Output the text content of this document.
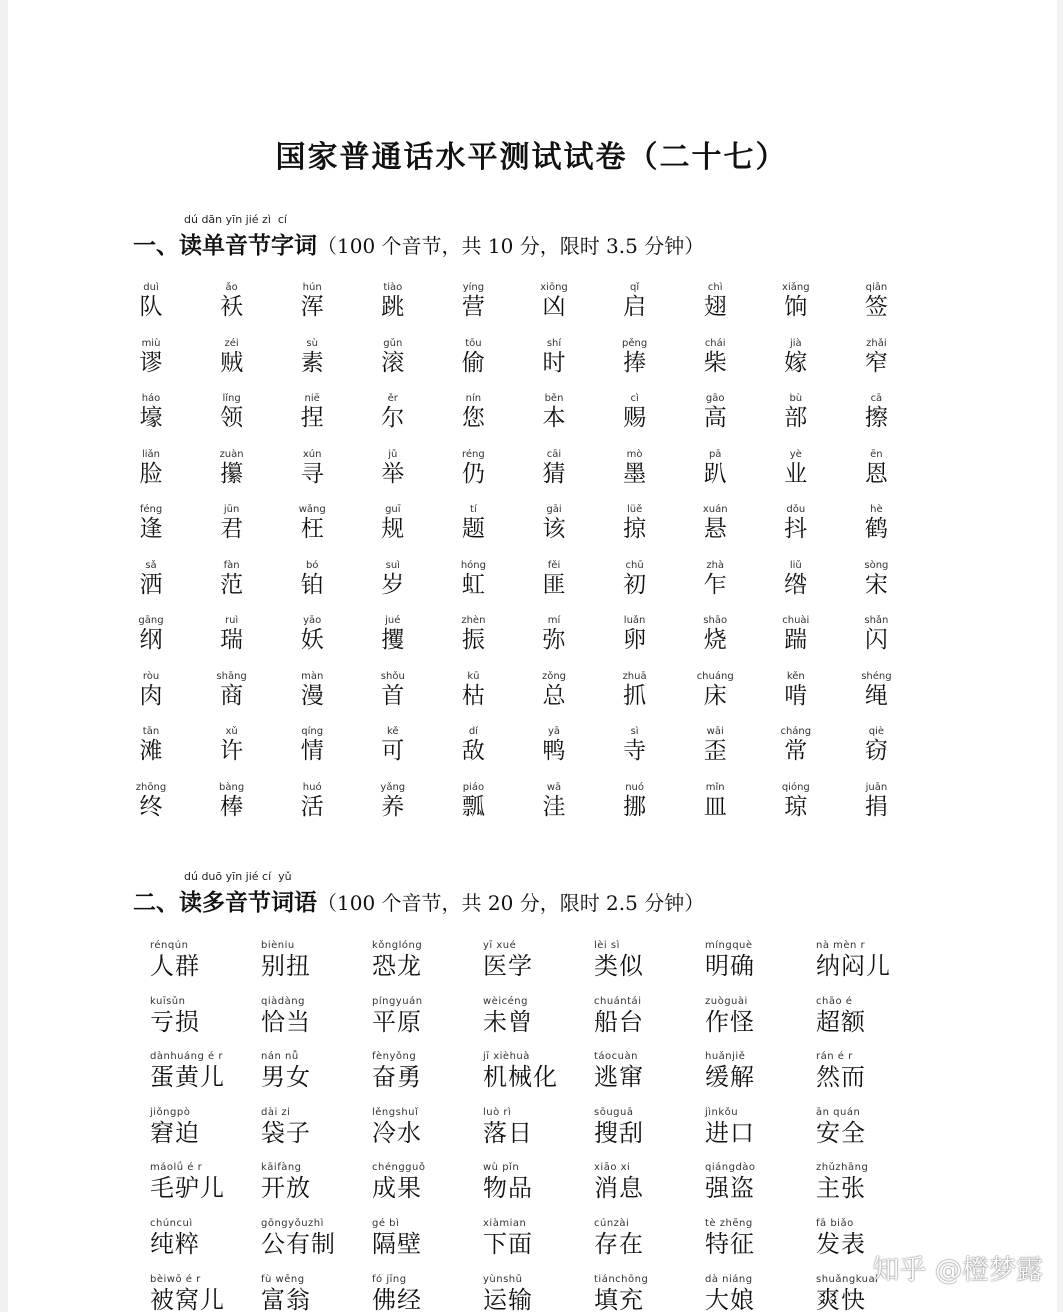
国家普通话水平测试试卷（二十七）
dú dān yīn jié zì  cí
一、读单音节字词（100 个音节，共 10 分，限时 3.5 分钟）
duì
队
ǎo
袄
hún
浑
tiào
跳
yíng
营
xiōng
凶
qǐ
启
chì
翅
xiǎng
饷
qiān
签
miù
谬
zéi
贼
sù
素
gǔn
滚
tōu
偷
shí
时
pěng
捧
chái
柴
jià
嫁
zhǎi
窄
háo
壕
lǐng
领
niē
捏
ěr
尔
nín
您
běn
本
cì
赐
gāo
高
bù
部
cā
擦
liǎn
脸
zuàn
攥
xún
寻
jǔ
举
réng
仍
cāi
猜
mò
墨
pā
趴
yè
业
ēn
恩
féng
逢
jūn
君
wǎng
枉
guī
规
tí
题
gāi
该
lüě
掠
xuán
悬
dǒu
抖
hè
鹤
sǎ
洒
fàn
范
bó
铂
suì
岁
hóng
虹
fěi
匪
chū
初
zhà
乍
liǔ
绺
sòng
宋
gāng
纲
ruì
瑞
yāo
妖
jué
攫
zhèn
振
mí
弥
luǎn
卵
shāo
烧
chuài
踹
shǎn
闪
ròu
肉
shāng
商
màn
漫
shǒu
首
kū
枯
zǒng
总
zhuā
抓
chuáng
床
kěn
啃
shéng
绳
tān
滩
xǔ
许
qíng
情
kě
可
dí
敌
yā
鸭
sì
寺
wāi
歪
cháng
常
qiè
窃
zhōng
终
bàng
棒
huó
活
yǎng
养
piáo
瓢
wā
洼
nuó
挪
mǐn
皿
qióng
琼
juān
捐
dú duō yīn jié cí  yǔ
二、读多音节词语（100 个音节，共 20 分，限时 2.5 分钟）
rénqún
人群
bièniu
别扭
kǒnglóng
恐龙
yī xué
医学
lèi sì
类似
míngquè
明确
nà mèn r
纳闷儿
kuīsǔn
亏损
qiàdàng
恰当
píngyuán
平原
wèicéng
未曾
chuántái
船台
zuòguài
作怪
chāo é
超额
dànhuáng é r
蛋黄儿
nán nǚ
男女
fènyǒng
奋勇
jī xièhuà
机械化
táocuàn
逃窜
huǎnjiě
缓解
rán é r
然而
jiǒngpò
窘迫
dài zi
袋子
lěngshuǐ
冷水
luò rì
落日
sōuguā
搜刮
jìnkǒu
进口
ān quán
安全
máolǘ é r
毛驴儿
kāifàng
开放
chéngguǒ
成果
wù pǐn
物品
xiāo xi
消息
qiángdào
强盗
zhǔzhāng
主张
chúncuì
纯粹
gōngyǒuzhì
公有制
gé bì
隔壁
xiàmian
下面
cúnzài
存在
tè zhēng
特征
fā biǎo
发表
bèiwō é r
被窝儿
fù wēng
富翁
fó jīng
佛经
yùnshū
运输
tiánchōng
填充
dà niáng
大娘
shuǎngkuai
爽快
知乎 @橙梦露
